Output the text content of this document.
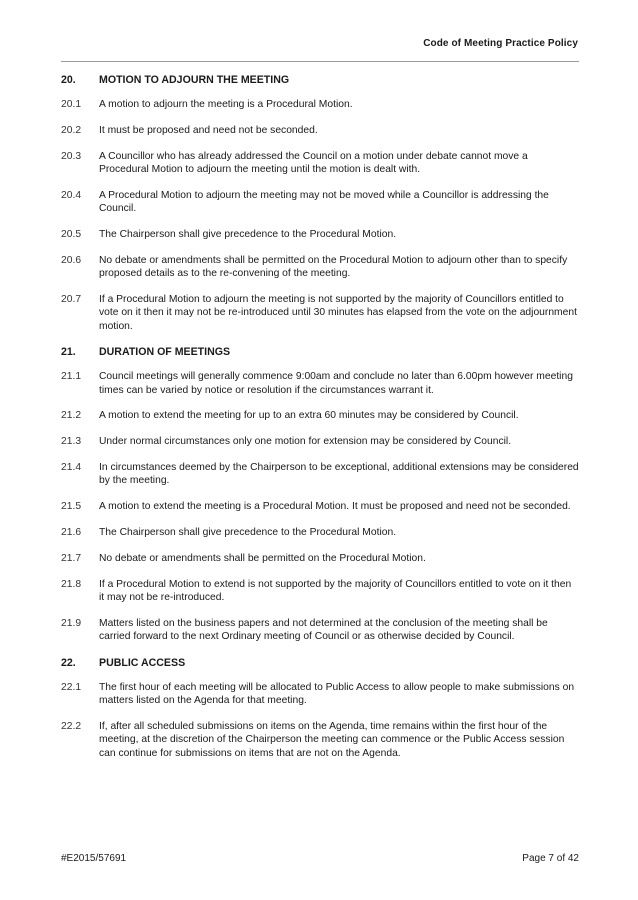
Code of Meeting Practice Policy
20.	MOTION TO ADJOURN THE MEETING
20.1	A motion to adjourn the meeting is a Procedural Motion.
20.2	It must be proposed and need not be seconded.
20.3	A Councillor who has already addressed the Council on a motion under debate cannot move a Procedural Motion to adjourn the meeting until the motion is dealt with.
20.4	A Procedural Motion to adjourn the meeting may not be moved while a Councillor is addressing the Council.
20.5	The Chairperson shall give precedence to the Procedural Motion.
20.6	No debate or amendments shall be permitted on the Procedural Motion to adjourn other than to specify proposed details as to the re-convening of the meeting.
20.7	If a Procedural Motion to adjourn the meeting is not supported by the majority of Councillors entitled to vote on it then it may not be re-introduced until 30 minutes has elapsed from the vote on the adjournment motion.
21.	DURATION OF MEETINGS
21.1	Council meetings will generally commence 9:00am and conclude no later than 6.00pm however meeting times can be varied by notice or resolution if the circumstances warrant it.
21.2	A motion to extend the meeting for up to an extra 60 minutes may be considered by Council.
21.3	Under normal circumstances only one motion for extension may be considered by Council.
21.4	In circumstances deemed by the Chairperson to be exceptional, additional extensions may be considered by the meeting.
21.5	A motion to extend the meeting is a Procedural Motion. It must be proposed and need not be seconded.
21.6	The Chairperson shall give precedence to the Procedural Motion.
21.7	No debate or amendments shall be permitted on the Procedural Motion.
21.8	If a Procedural Motion to extend is not supported by the majority of Councillors entitled to vote on it then it may not be re-introduced.
21.9	Matters listed on the business papers and not determined at the conclusion of the meeting shall be carried forward to the next Ordinary meeting of Council or as otherwise decided by Council.
22.	PUBLIC ACCESS
22.1	The first hour of each meeting will be allocated to Public Access to allow people to make submissions on matters listed on the Agenda for that meeting.
22.2	If, after all scheduled submissions on items on the Agenda, time remains within the first hour of the meeting, at the discretion of the Chairperson the meeting can commence or the Public Access session can continue for submissions on items that are not on the Agenda.
#E2015/57691	Page 7 of 42
